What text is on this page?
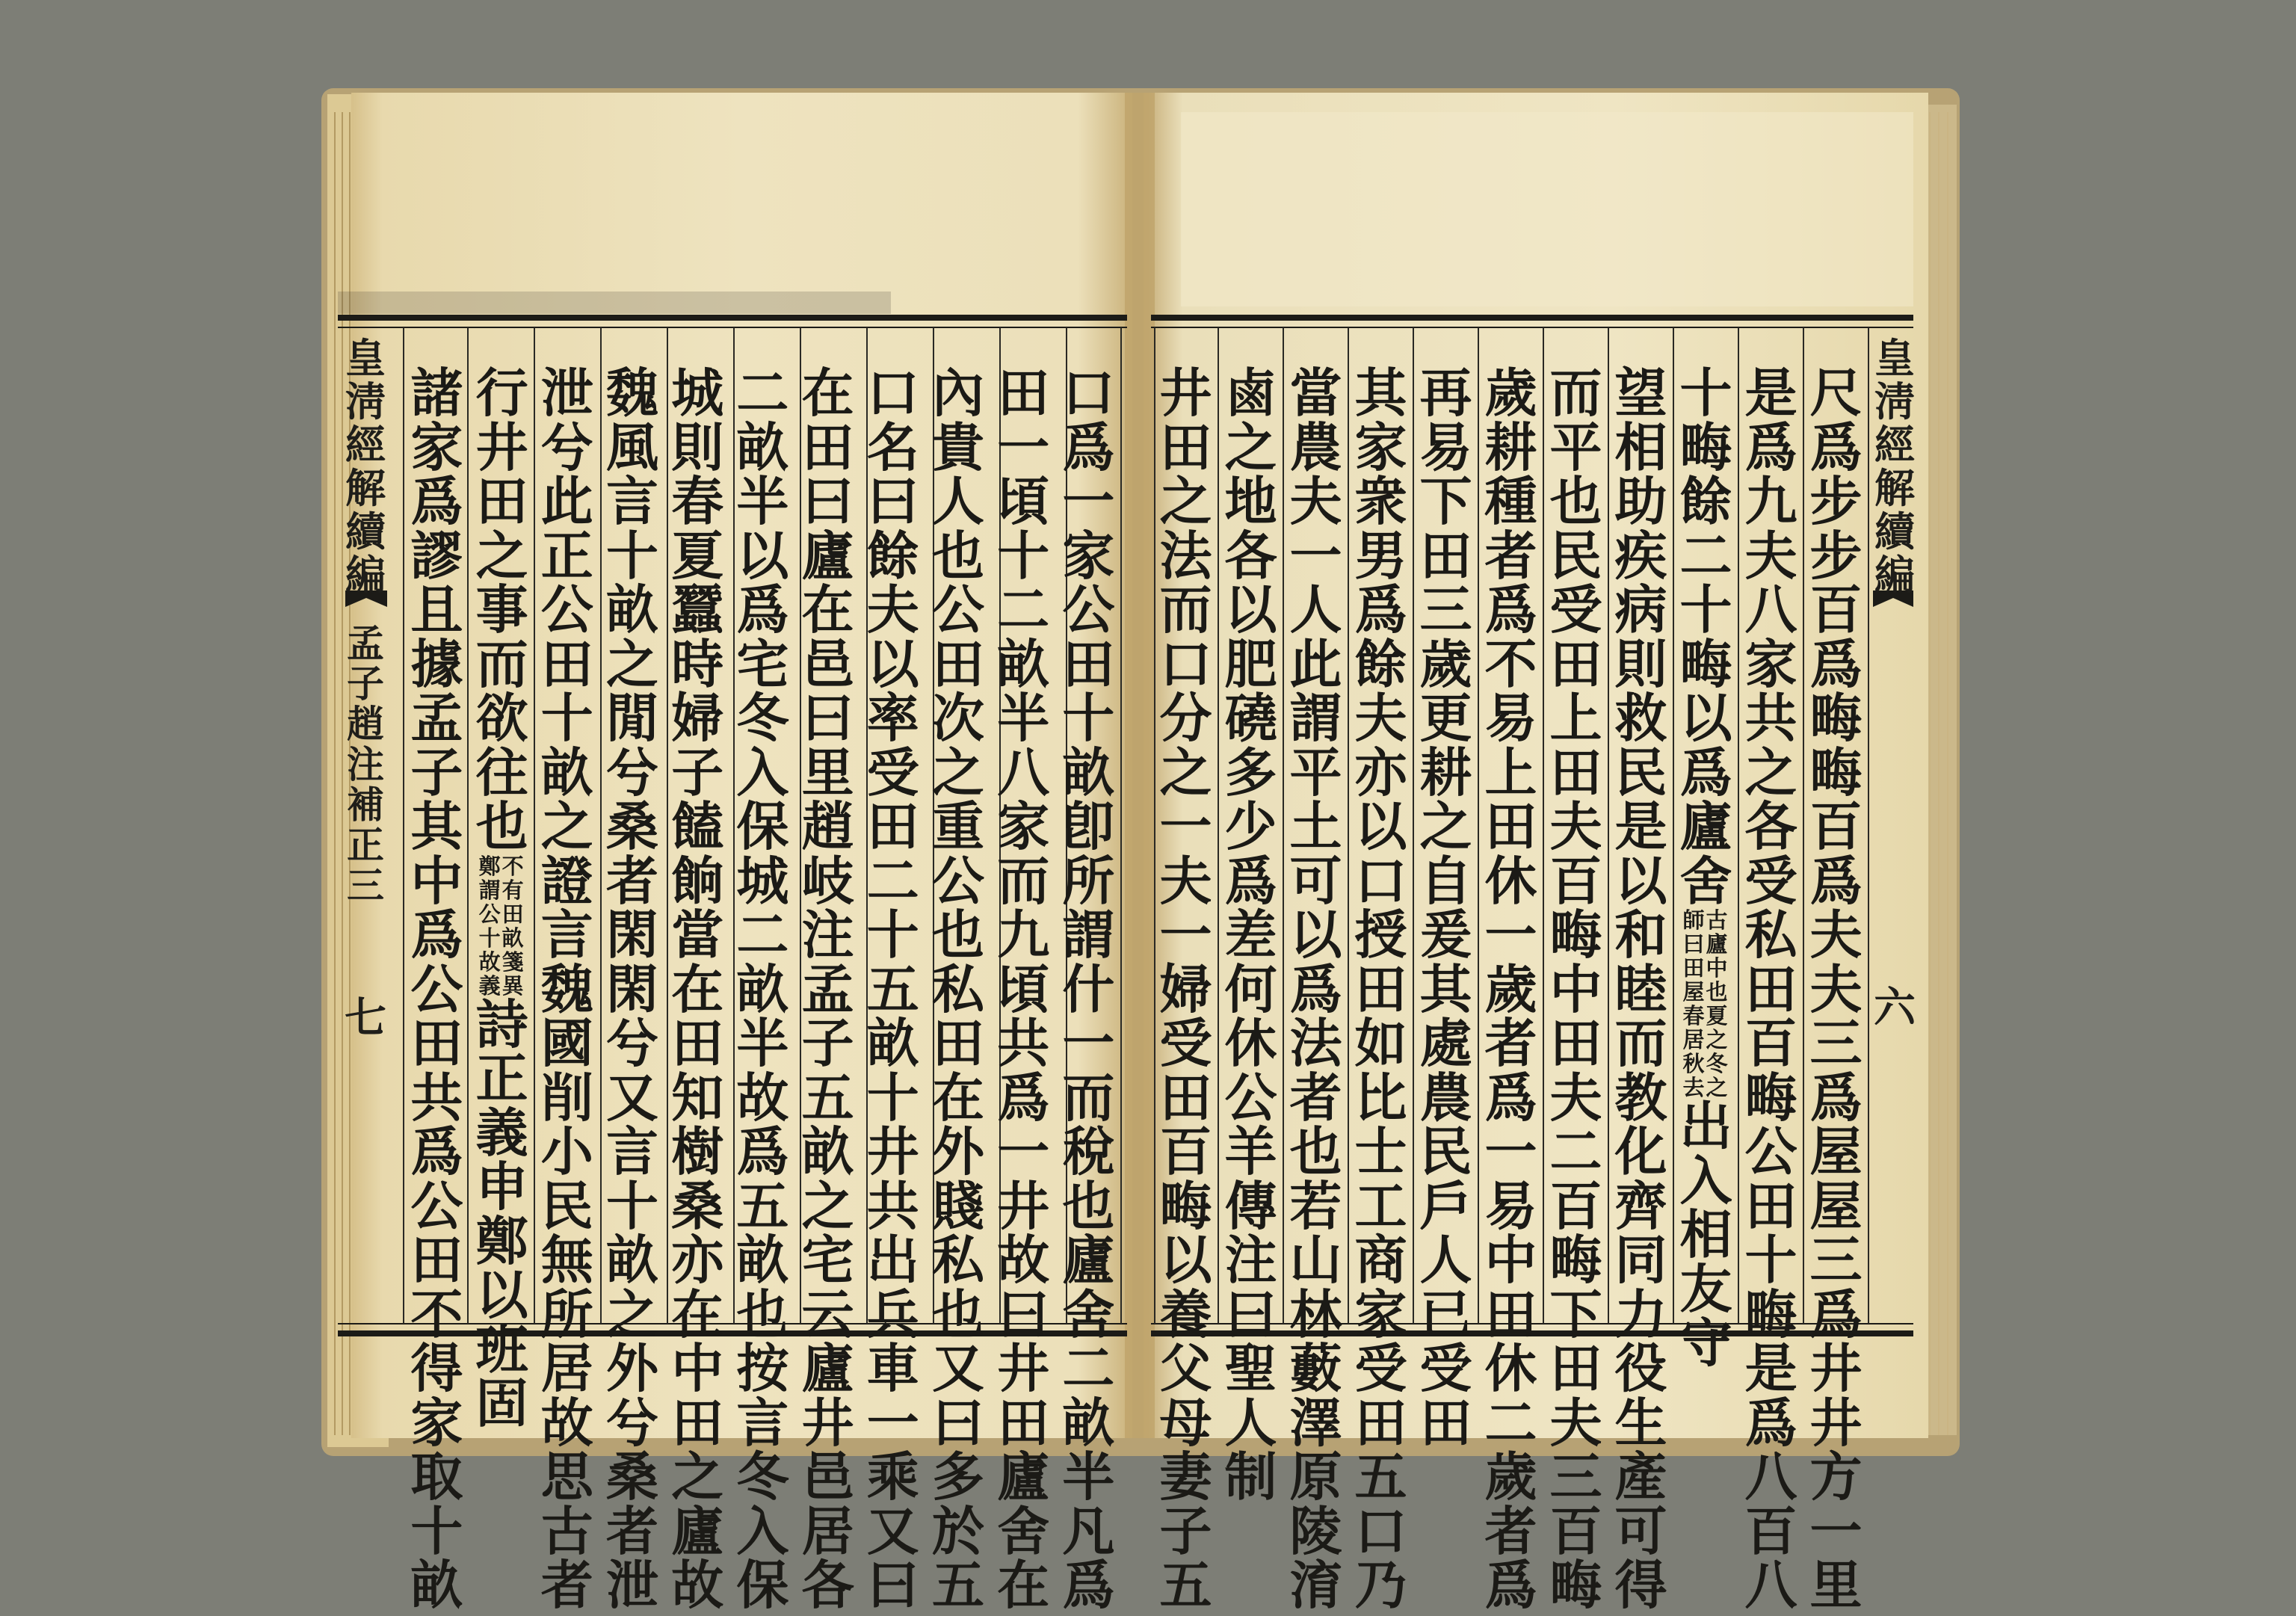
皇
淸
經
解
續
編
孟
子
趙
注
補
正
三
七
皇
淸
經
解
續
編
六
口
爲
一
家
公
田
十
畝
卽
所
謂
什
一
而
稅
也
廬
舍
二
畝
半
凡
爲
田
一
頃
十
二
畝
半
八
家
而
九
頃
共
爲
一
井
故
曰
井
田
廬
舍
在
內
貴
人
也
公
田
次
之
重
公
也
私
田
在
外
賤
私
也
又
曰
多
於
五
口
名
曰
餘
夫
以
率
受
田
二
十
五
畝
十
井
共
出
兵
車
一
乘
又
曰
在
田
曰
廬
在
邑
曰
里
趙
岐
注
孟
子
五
畝
之
宅
云
廬
井
邑
居
各
二
畝
半
以
爲
宅
冬
入
保
城
二
畝
半
故
爲
五
畝
也
按
言
冬
入
保
城
則
春
夏
蠶
時
婦
子
饁
餉
當
在
田
知
樹
桑
亦
在
中
田
之
廬
故
魏
風
言
十
畝
之
閒
兮
桑
者
閑
閑
兮
又
言
十
畝
之
外
兮
桑
者
泄
泄
兮
此
正
公
田
十
畝
之
證
言
魏
國
削
小
民
無
所
居
故
思
古
者
行
井
田
之
事
而
欲
往
也
鄭不謂有
公田十畝
故箋義異
詩
正
義
申
鄭
以
班
固
諸
家
爲
謬
且
據
孟
子
其
中
爲
公
田
共
爲
公
田
不
得
家
取
十
畝
尺
爲
步
步
百
爲
畮
畮
百
爲
夫
夫
三
爲
屋
屋
三
爲
井
井
方
一
里
是
爲
九
夫
八
家
共
之
各
受
私
田
百
畮
公
田
十
畮
是
爲
八
百
八
十
畮
餘
二
十
畮
以
爲
廬
舍
師古曰廬
田中屋也
春夏居之
秋冬去之
出
入
相
友
守
望
相
助
疾
病
則
救
民
是
以
和
睦
而
教
化
齊
同
力
役
生
產
可
得
而
平
也
民
受
田
上
田
夫
百
畮
中
田
夫
二
百
畮
下
田
夫
三
百
畮
歲
耕
種
者
爲
不
易
上
田
休
一
歲
者
爲
一
易
中
田
休
二
歲
者
爲
再
易
下
田
三
歲
更
耕
之
自
爰
其
處
農
民
戶
人
已
受
田
其
家
衆
男
爲
餘
夫
亦
以
口
授
田
如
比
士
工
商
家
受
田
五
口
乃
當
農
夫
一
人
此
謂
平
土
可
以
爲
法
者
也
若
山
林
藪
澤
原
陵
淯
鹵
之
地
各
以
肥
磽
多
少
爲
差
何
休
公
羊
傳
注
曰
聖
人
制
井
田
之
法
而
口
分
之
一
夫
一
婦
受
田
百
畮
以
養
父
母
妻
子
五
